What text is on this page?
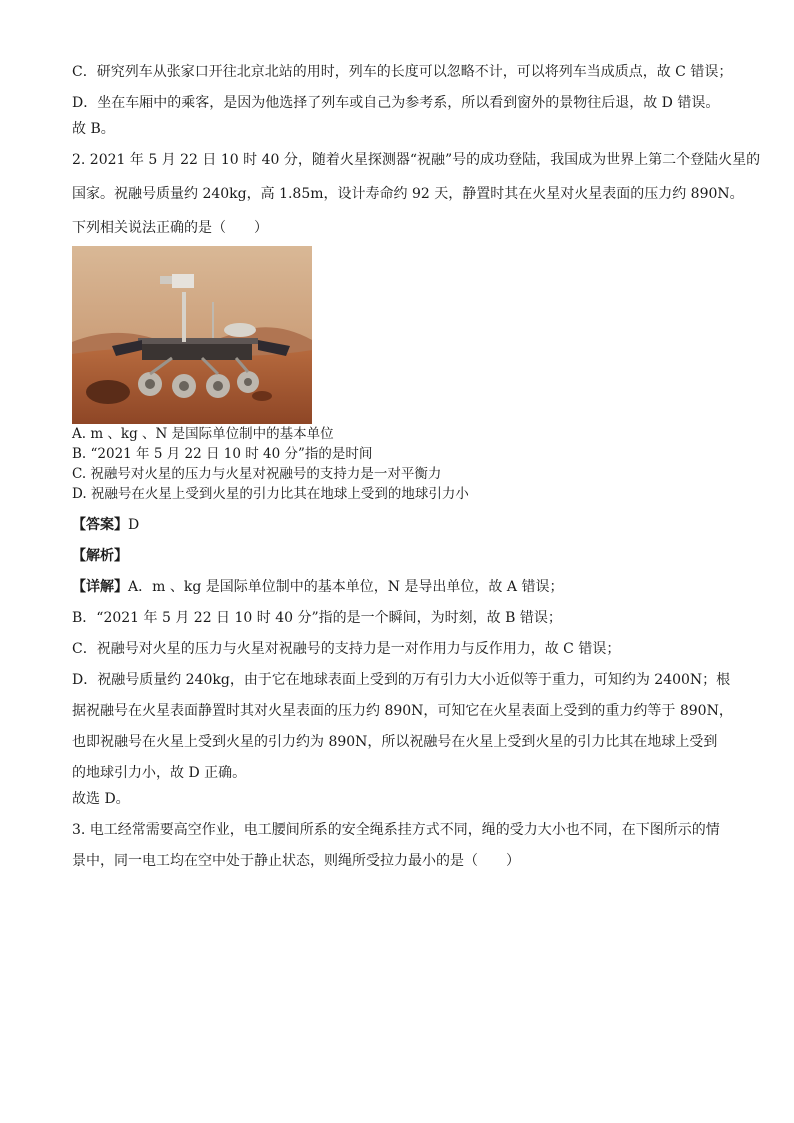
C．研究列车从张家口开往北京北站的用时，列车的长度可以忽略不计，可以将列车当成质点，故 C 错误；

D．坐在车厢中的乘客，是因为他选择了列车或自己为参考系，所以看到窗外的景物往后退，故 D 错误。

故 B。

2. 2021 年 5 月 22 日 10 时 40 分，随着火星探测器“祝融”号的成功登陆，我国成为世界上第二个登陆火星的

国家。祝融号质量约 240kg，高 1.85m，设计寿命约 92 天，静置时其在火星对火星表面的压力约 890N。

下列相关说法正确的是（　　）

A. m 、kg 、N 是国际单位制中的基本单位

B. “2021 年 5 月 22 日 10 时 40 分”指的是时间

C. 祝融号对火星的压力与火星对祝融号的支持力是一对平衡力

D. 祝融号在火星上受到火星的引力比其在地球上受到的地球引力小

【答案】D

【解析】

【详解】A．m 、kg 是国际单位制中的基本单位，N 是导出单位，故 A 错误；

B．“2021 年 5 月 22 日 10 时 40 分”指的是一个瞬间，为时刻，故 B 错误；

C．祝融号对火星的压力与火星对祝融号的支持力是一对作用力与反作用力，故 C 错误；

D．祝融号质量约 240kg，由于它在地球表面上受到的万有引力大小近似等于重力，可知约为 2400N；根

据祝融号在火星表面静置时其对火星表面的压力约 890N，可知它在火星表面上受到的重力约等于 890N，

也即祝融号在火星上受到火星的引力约为 890N，所以祝融号在火星上受到火星的引力比其在地球上受到

的地球引力小，故 D 正确。

故选 D。

3. 电工经常需要高空作业，电工腰间所系的安全绳系挂方式不同，绳的受力大小也不同，在下图所示的情

景中，同一电工均在空中处于静止状态，则绳所受拉力最小的是（　　）
